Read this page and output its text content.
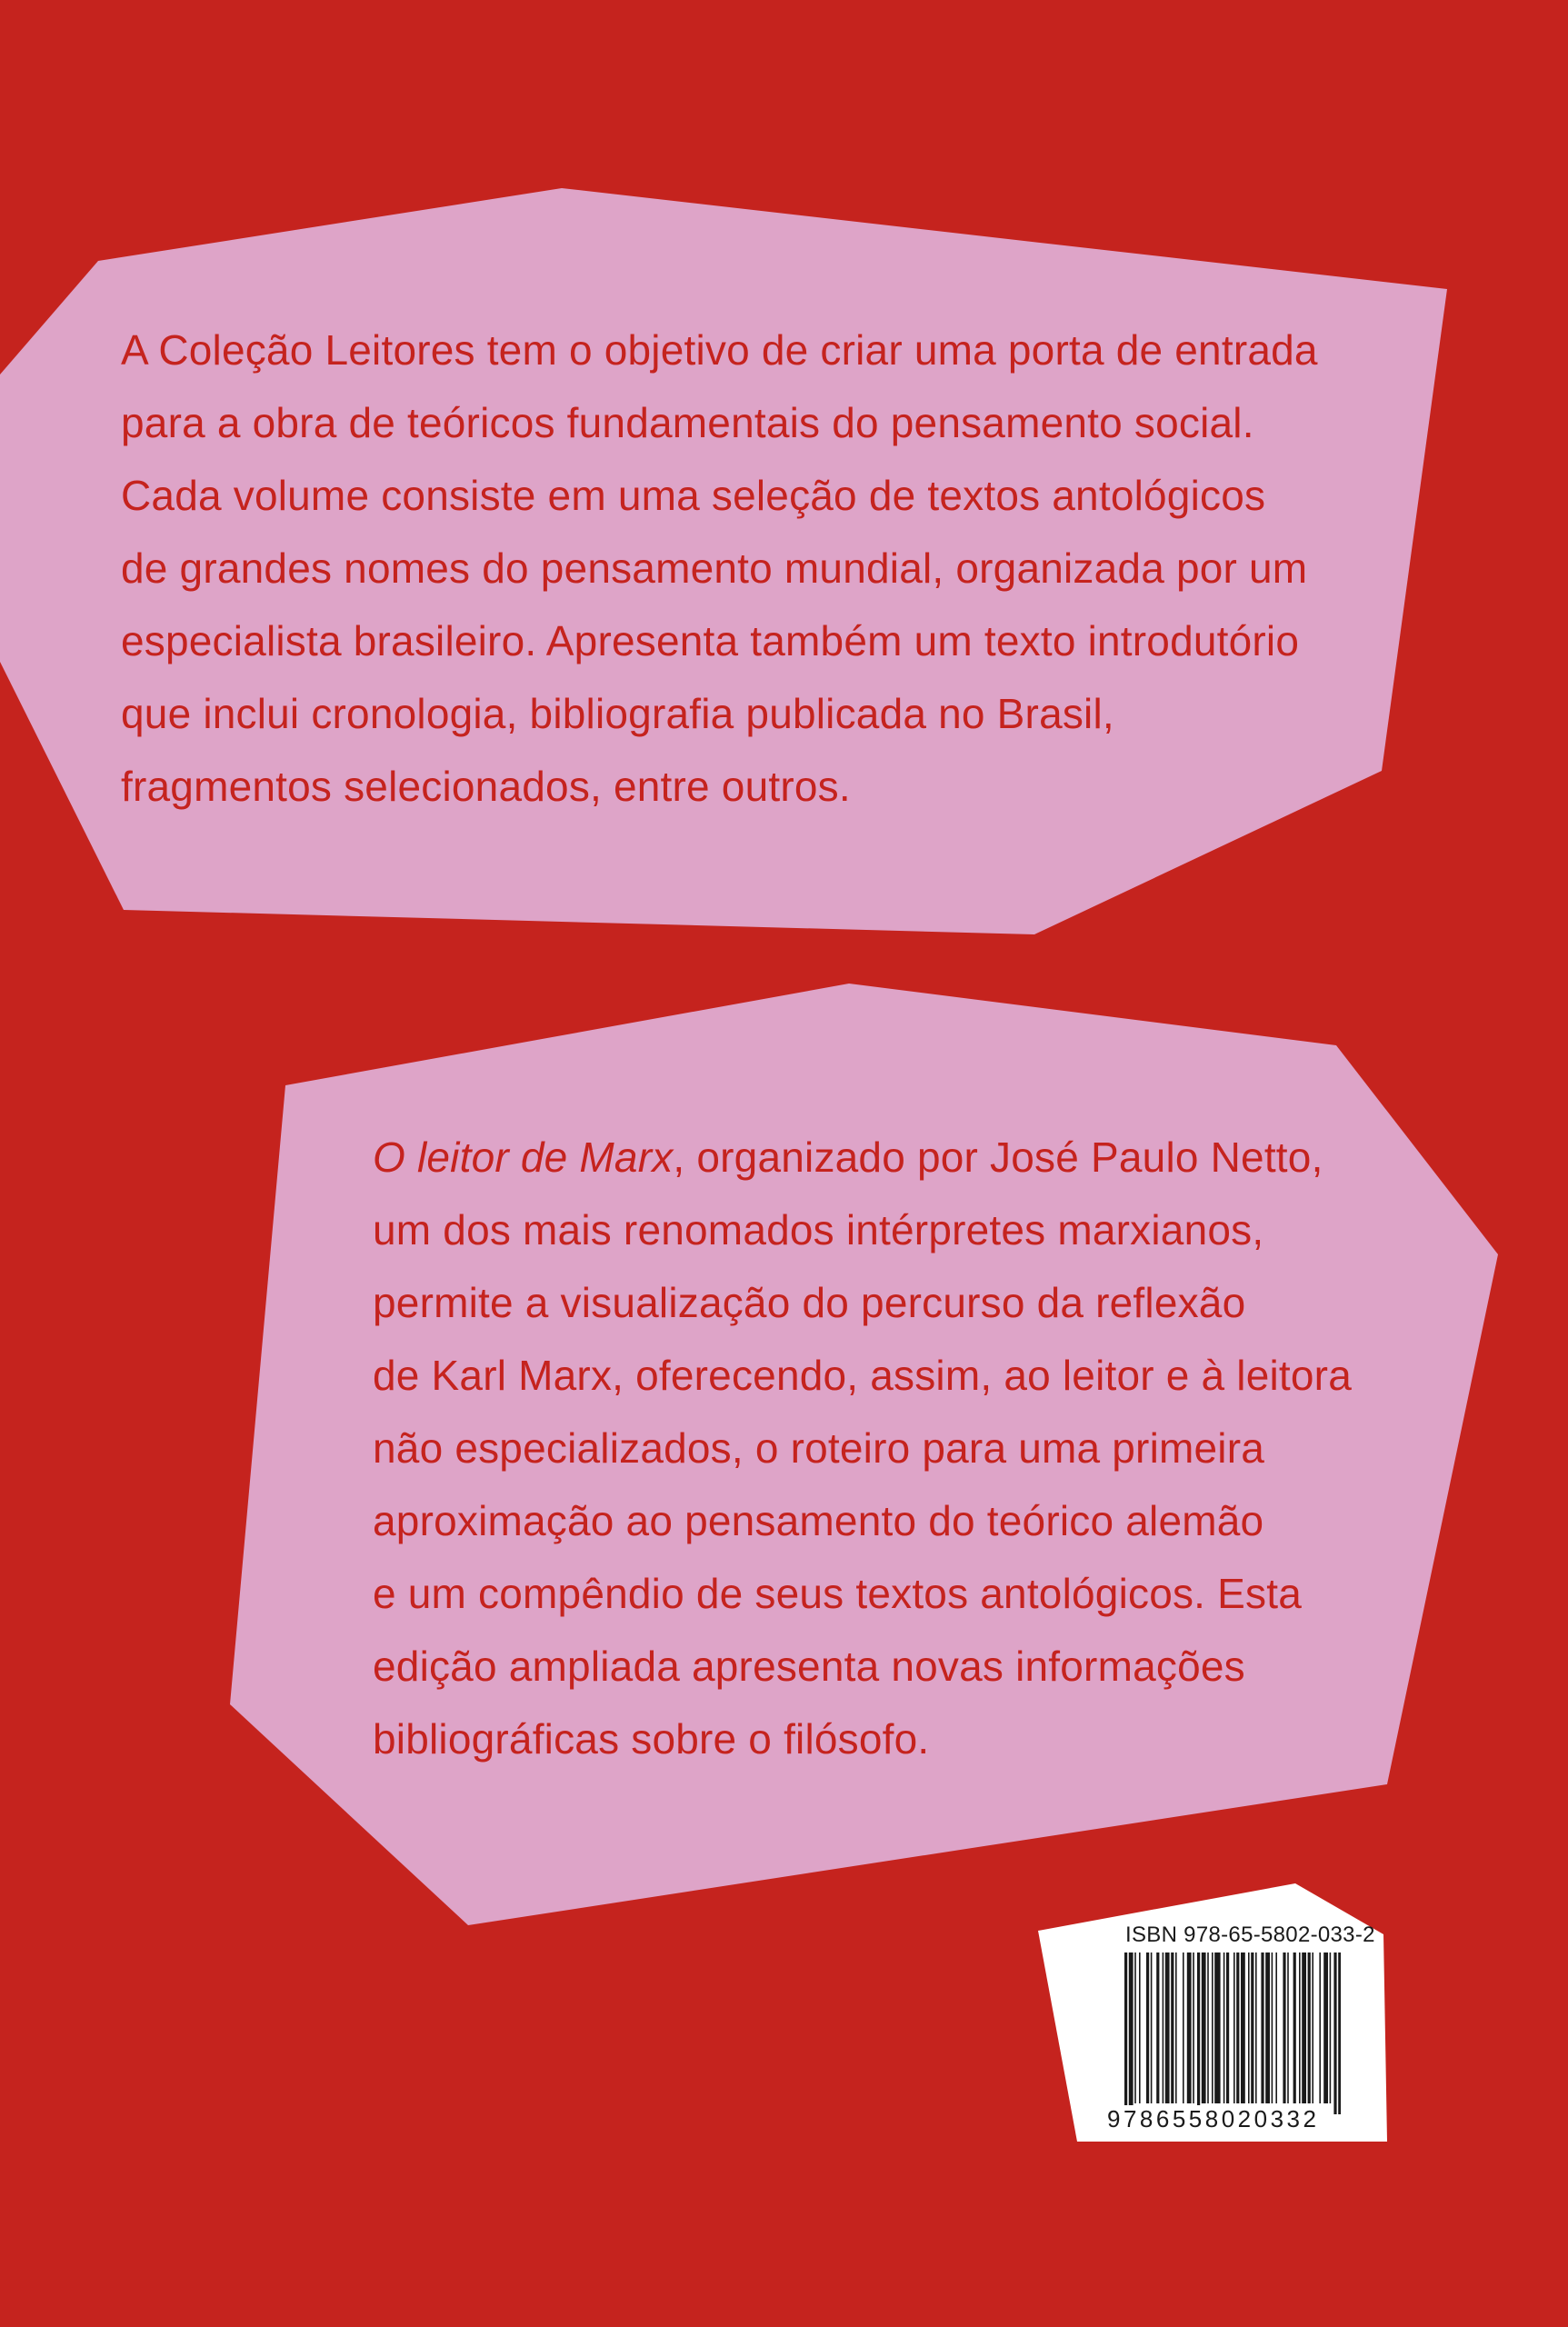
A Coleção Leitores tem o objetivo de criar uma porta de entrada
para a obra de teóricos fundamentais do pensamento social.
Cada volume consiste em uma seleção de textos antológicos
de grandes nomes do pensamento mundial, organizada por um
especialista brasileiro. Apresenta também um texto introdutório
que inclui cronologia, bibliografia publicada no Brasil,
fragmentos selecionados, entre outros.
O leitor de Marx, organizado por José Paulo Netto,
um dos mais renomados intérpretes marxianos,
permite a visualização do percurso da reflexão
de Karl Marx, oferecendo, assim, ao leitor e à leitora
não especializados, o roteiro para uma primeira
aproximação ao pensamento do teórico alemão
e um compêndio de seus textos antológicos. Esta
edição ampliada apresenta novas informações
bibliográficas sobre o filósofo.
ISBN 978-65-5802-033-2
9786558020332
